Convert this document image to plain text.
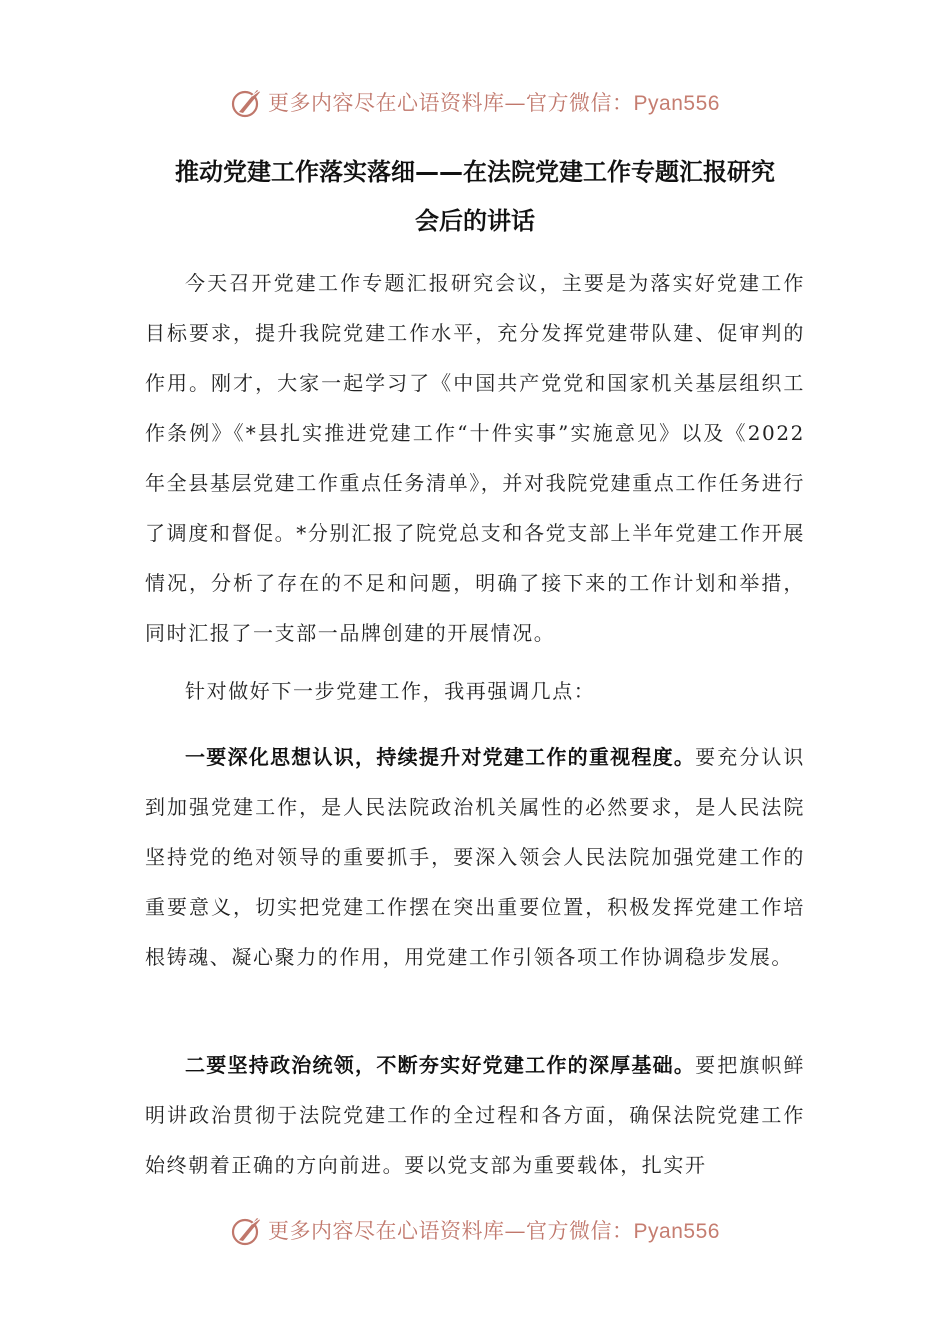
更多内容尽在心语资料库—官方微信：Pyan556
推动党建工作落实落细——在法院党建工作专题汇报研究
会后的讲话

今天召开党建工作专题汇报研究会议，主要是为落实好党建工作目标要求，提升我院党建工作水平，充分发挥党建带队建、促审判的作用。刚才，大家一起学习了《中国共产党党和国家机关基层组织工作条例》《*县扎实推进党建工作“十件实事”实施意见》以及《2022年全县基层党建工作重点任务清单》，并对我院党建重点工作任务进行了调度和督促。*分别汇报了院党总支和各党支部上半年党建工作开展情况，分析了存在的不足和问题，明确了接下来的工作计划和举措，同时汇报了一支部一品牌创建的开展情况。

针对做好下一步党建工作，我再强调几点：

一要深化思想认识，持续提升对党建工作的重视程度。要充分认识到加强党建工作，是人民法院政治机关属性的必然要求，是人民法院坚持党的绝对领导的重要抓手，要深入领会人民法院加强党建工作的重要意义，切实把党建工作摆在突出重要位置，积极发挥党建工作培根铸魂、凝心聚力的作用，用党建工作引领各项工作协调稳步发展。

二要坚持政治统领，不断夯实好党建工作的深厚基础。要把旗帜鲜明讲政治贯彻于法院党建工作的全过程和各方面，确保法院党建工作始终朝着正确的方向前进。要以党支部为重要载体，扎实开

更多内容尽在心语资料库—官方微信：Pyan556
